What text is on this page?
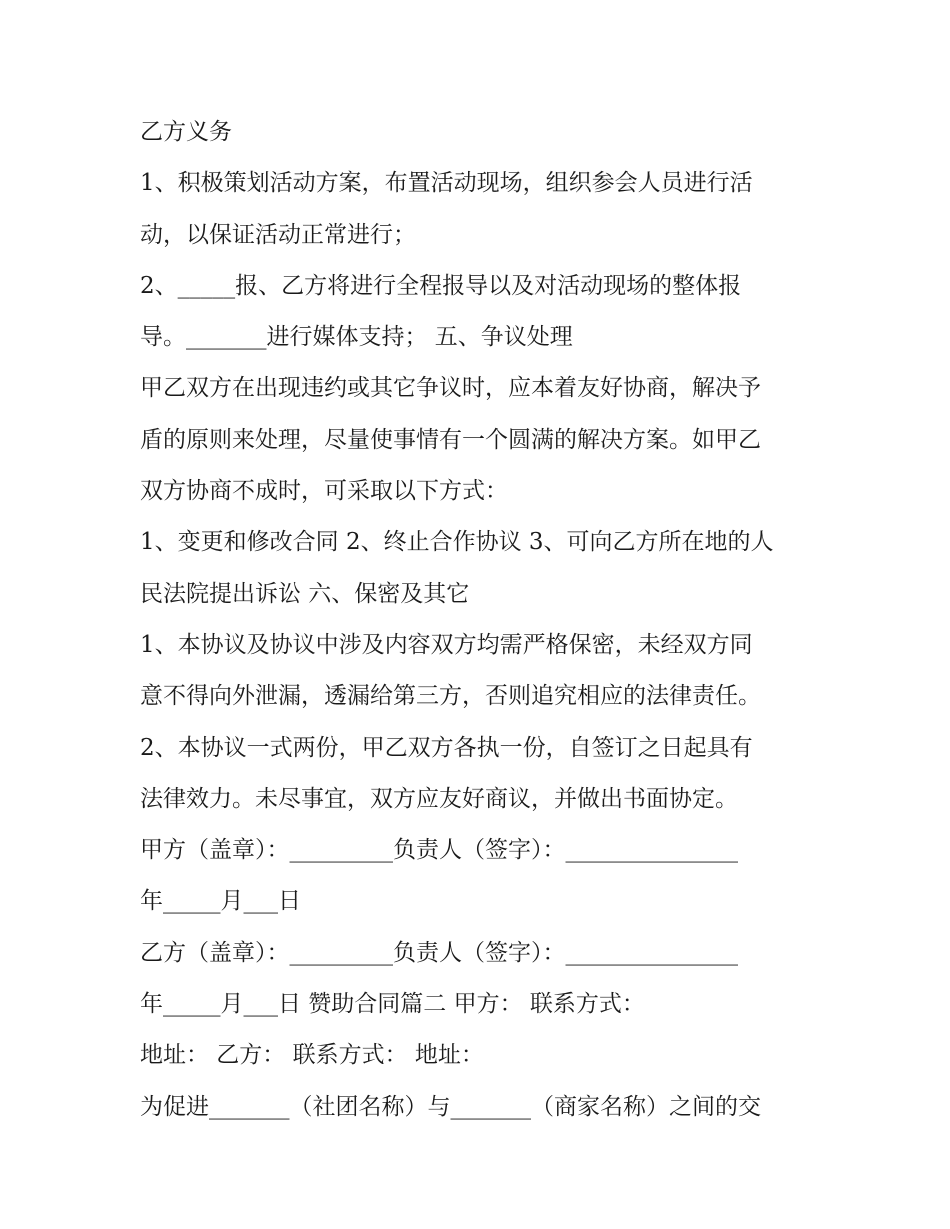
乙方义务

1、积极策划活动方案，布置活动现场，组织参会人员进行活

动，以保证活动正常进行；

2、_____报、乙方将进行全程报导以及对活动现场的整体报

导。_______进行媒体支持； 五、争议处理

甲乙双方在出现违约或其它争议时，应本着友好协商，解决予

盾的原则来处理，尽量使事情有一个圆满的解决方案。如甲乙

双方协商不成时，可采取以下方式：

1、变更和修改合同 2、终止合作协议 3、可向乙方所在地的人

民法院提出诉讼 六、保密及其它

1、本协议及协议中涉及内容双方均需严格保密，未经双方同

意不得向外泄漏，透漏给第三方，否则追究相应的法律责任。

2、本协议一式两份，甲乙双方各执一份，自签订之日起具有

法律效力。未尽事宜，双方应友好商议，并做出书面协定。

甲方（盖章）：_________负责人（签字）：_______________

年_____月___日

乙方（盖章）：_________负责人（签字）：_______________

年_____月___日 赞助合同篇二 甲方： 联系方式：

地址： 乙方： 联系方式： 地址：

为促进_______（社团名称）与_______（商家名称）之间的交
